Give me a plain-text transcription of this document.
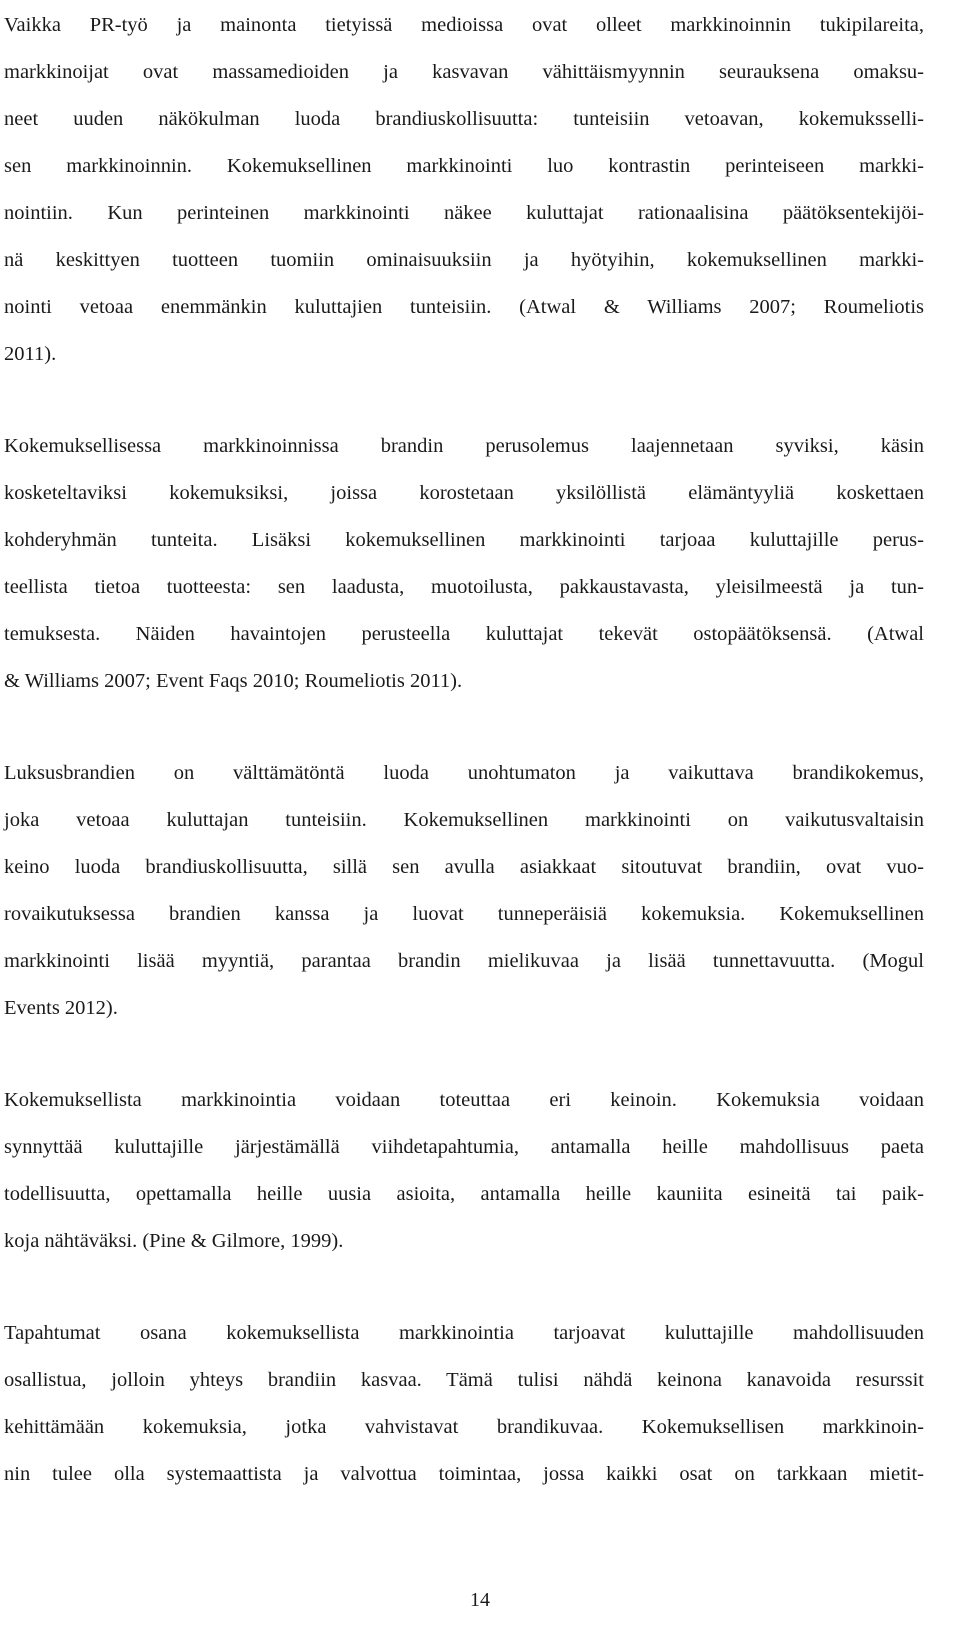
Vaikka PR-työ ja mainonta tietyissä medioissa ovat olleet markkinoinnin tukipilareita,
markkinoijat ovat massamedioiden ja kasvavan vähittäismyynnin seurauksena omaksu-
neet uuden näkökulman luoda brandiuskollisuutta: tunteisiin vetoavan, kokemuksselli-
sen markkinoinnin. Kokemuksellinen markkinointi luo kontrastin perinteiseen markki-
nointiin. Kun perinteinen markkinointi näkee kuluttajat rationaalisina päätöksentekijöi-
nä keskittyen tuotteen tuomiin ominaisuuksiin ja hyötyihin, kokemuksellinen markki-
nointi vetoaa enemmänkin kuluttajien tunteisiin. (Atwal & Williams 2007; Roumeliotis
2011).
Kokemuksellisessa markkinoinnissa brandin perusolemus laajennetaan syviksi, käsin
kosketeltaviksi kokemuksiksi, joissa korostetaan yksilöllistä elämäntyyliä koskettaen
kohderyhmän tunteita. Lisäksi kokemuksellinen markkinointi tarjoaa kuluttajille perus-
teellista tietoa tuotteesta: sen laadusta, muotoilusta, pakkaustavasta, yleisilmeestä ja tun-
temuksesta. Näiden havaintojen perusteella kuluttajat tekevät ostopäätöksensä. (Atwal
& Williams 2007; Event Faqs 2010; Roumeliotis 2011).
Luksusbrandien on välttämätöntä luoda unohtumaton ja vaikuttava brandikokemus,
joka vetoaa kuluttajan tunteisiin. Kokemuksellinen markkinointi on vaikutusvaltaisin
keino luoda brandiuskollisuutta, sillä sen avulla asiakkaat sitoutuvat brandiin, ovat vuo-
rovaikutuksessa brandien kanssa ja luovat tunneperäisiä kokemuksia. Kokemuksellinen
markkinointi lisää myyntiä, parantaa brandin mielikuvaa ja lisää tunnettavuutta. (Mogul
Events 2012).
Kokemuksellista markkinointia voidaan toteuttaa eri keinoin. Kokemuksia voidaan
synnyttää kuluttajille järjestämällä viihdetapahtumia, antamalla heille mahdollisuus paeta
todellisuutta, opettamalla heille uusia asioita, antamalla heille kauniita esineitä tai paik-
koja nähtäväksi. (Pine & Gilmore, 1999).
Tapahtumat osana kokemuksellista markkinointia tarjoavat kuluttajille mahdollisuuden
osallistua, jolloin yhteys brandiin kasvaa. Tämä tulisi nähdä keinona kanavoida resurssit
kehittämään kokemuksia, jotka vahvistavat brandikuvaa. Kokemuksellisen markkinoin-
nin tulee olla systemaattista ja valvottua toimintaa, jossa kaikki osat on tarkkaan mietit-
14
